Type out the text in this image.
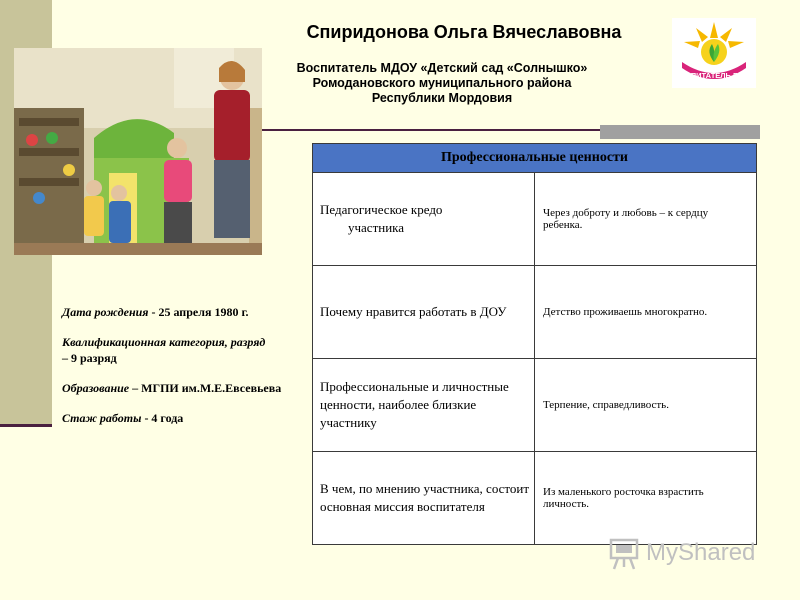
Спиридонова Ольга Вячеславовна
Воспитатель МДОУ «Детский сад «Солнышко»
Ромодановского муниципального района
Республики Мордовия
ВОСПИТАТЕЛЬ ГОДА

Дата рождения - 25 апреля 1980 г.

Квалификационная категория, разряд
– 9 разряд

Образование – МГПИ им.М.Е.Евсевьева

Стаж работы - 4 года

Профессиональные ценности	

Педагогическое кредо
участника	Через доброту и любовь – к сердцу ребенка.
Почему нравится работать в ДОУ	Детство проживаешь многократно.
Профессиональные и личностные ценности, наиболее близкие участнику	Терпение, справедливость.
В чем, по мнению участника, состоит основная миссия воспитателя	Из маленького росточка взрастить личность.
MyShared
